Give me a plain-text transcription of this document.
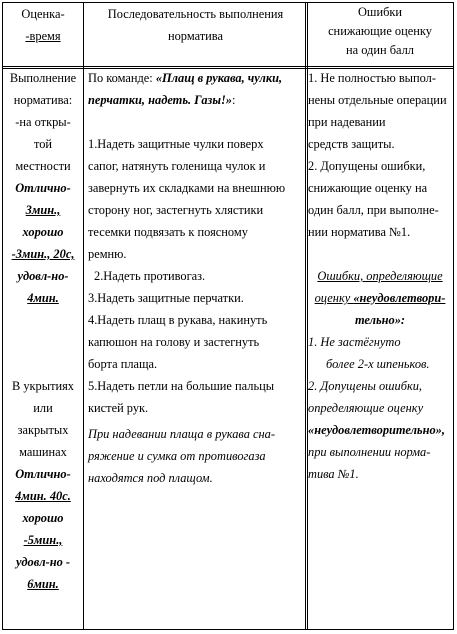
Оценка-
-время
Последовательность выполнения
норматива
Ошибки
снижающие оценку
на один балл
Выполнение
норматива:
-на откры-
той
местности
Отлично-
3мин.,
хорошо
-3мин., 20с,
удовл-но-
4мин.
В укрытиях
или
закрытых
машинах
Отлично-
4мин. 40с.
хорошо
-5мин.,
удовл-но -
6мин.
По команде: «Плащ в рукава, чулки,
перчатки, надеть. Газы!»:
1.Надеть защитные чулки поверх
сапог, натянуть голенища чулок и
завернуть их складками на внешнюю
сторону ног, застегнуть хлястики
тесемки подвязать к поясному
ремню.
2.Надеть противогаз.
3.Надеть защитные перчатки.
4.Надеть плащ в рукава, накинуть
капюшон на голову и застегнуть
борта плаща.
5.Надеть петли на большие пальцы
кистей рук.
При надевании плаща в рукава сна-
ряжение и сумка от противогаза
находятся под плащом.
1. Не полностью выпол-
нены отдельные операции
при надевании
средств защиты.
2. Допущены ошибки,
снижающие оценку на
один балл, при выполне-
нии норматива №1.
Ошибки, определяющие
оценку «неудовлетвори-
тельно»:
1. Не застёгнуто
более 2-х шпеньков.
2. Допущены ошибки,
определяющие оценку
«неудовлетворительно»,
при выполнении норма-
тива №1.
